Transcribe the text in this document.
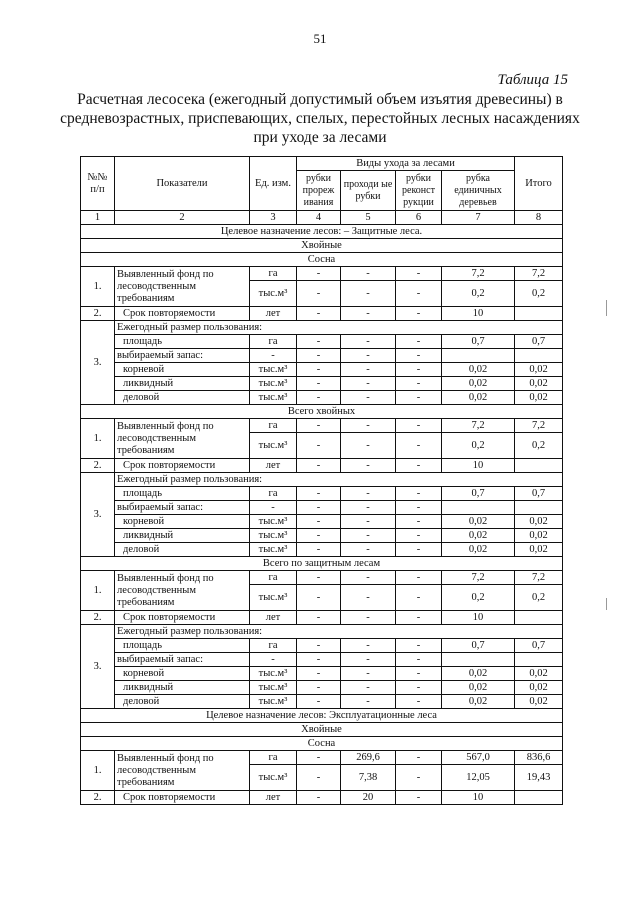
51
Таблица 15
Расчетная лесосека (ежегодный допустимый объем изъятия древесины) в средневозрастных, приспевающих, спелых, перестойных лесных насаждениях при уходе за лесами
№№ п/п	Показатели	Ед. изм.	Виды ухода за лесами				Итого
			рубки прореж ивания	проходи ые рубки	рубки реконст рукции	рубка единичных деревьев	
1	2	3	4	5	6	7	8
Целевое назначение лесов: – Защитные леса.							
Хвойные							
Сосна							
1.	Выявленный фонд по лесоводственным требованиям	га	-	-	-	7,2	7,2
		тыс.м³	-	-	-	0,2	0,2
2.	Срок повторяемости	лет	-	-	-	10	
3.	Ежегодный размер пользования:						
	площадь	га	-	-	-	0,7	0,7
	выбираемый запас:	-	-	-	-		
	корневой	тыс.м³	-	-	-	0,02	0,02
	ликвидный	тыс.м³	-	-	-	0,02	0,02
	деловой	тыс.м³	-	-	-	0,02	0,02
Всего хвойных							
1.	Выявленный фонд по лесоводственным требованиям	га	-	-	-	7,2	7,2
		тыс.м³	-	-	-	0,2	0,2
2.	Срок повторяемости	лет	-	-	-	10	
3.	Ежегодный размер пользования:						
	площадь	га	-	-	-	0,7	0,7
	выбираемый запас:	-	-	-	-		
	корневой	тыс.м³	-	-	-	0,02	0,02
	ликвидный	тыс.м³	-	-	-	0,02	0,02
	деловой	тыс.м³	-	-	-	0,02	0,02
Всего по защитным лесам							
1.	Выявленный фонд по лесоводственным требованиям	га	-	-	-	7,2	7,2
		тыс.м³	-	-	-	0,2	0,2
2.	Срок повторяемости	лет	-	-	-	10	
3.	Ежегодный размер пользования:						
	площадь	га	-	-	-	0,7	0,7
	выбираемый запас:	-	-	-	-		
	корневой	тыс.м³	-	-	-	0,02	0,02
	ликвидный	тыс.м³	-	-	-	0,02	0,02
	деловой	тыс.м³	-	-	-	0,02	0,02
Целевое назначение лесов: Эксплуатационные леса							
Хвойные							
Сосна							
1.	Выявленный фонд по лесоводственным требованиям	га	-	269,6	-	567,0	836,6
		тыс.м³	-	7,38	-	12,05	19,43
2.	Срок повторяемости	лет	-	20	-	10	
